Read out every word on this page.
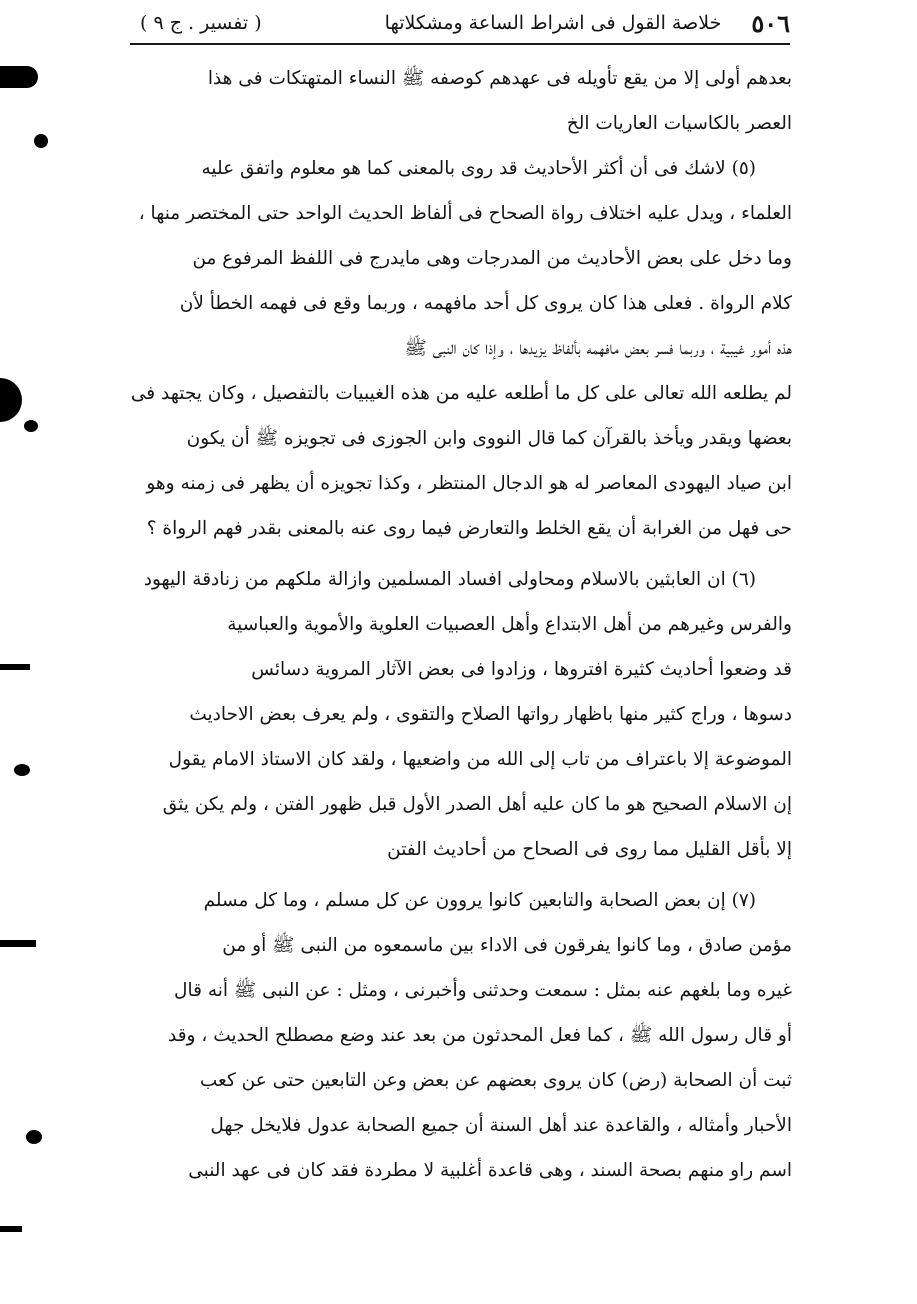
٥٠٦
خلاصة القول فى اشراط الساعة ومشكلاتها
( تفسير . ج ٩ )
بعدهم أولى إلا من يقع تأويله فى عهدهم كوصفه ﷺ النساء المتهتكات فى هذا
العصر بالكاسيات العاريات الخ
(٥) لاشك فى أن أكثر الأحاديث قد روى بالمعنى كما هو معلوم واتفق عليه
العلماء ، ويدل عليه اختلاف رواة الصحاح فى ألفاظ الحديث الواحد حتى المختصر منها ،
وما دخل على بعض الأحاديث من المدرجات وهى مايدرج فى اللفظ المرفوع من
كلام الرواة . فعلى هذا كان يروى كل أحد مافهمه ، وربما وقع فى فهمه الخطأ لأن
هذه أمور غيبية ، وربما فسر بعض مافهمه بألفاظ يزيدها ، وإذا كان النبى ﷺ
لم يطلعه الله تعالى على كل ما أطلعه عليه من هذه الغيبيات بالتفصيل ، وكان يجتهد فى
بعضها ويقدر ويأخذ بالقرآن كما قال النووى وابن الجوزى فى تجويزه ﷺ أن يكون
ابن صياد اليهودى المعاصر له هو الدجال المنتظر ، وكذا تجويزه أن يظهر فى زمنه وهو
حى فهل من الغرابة أن يقع الخلط والتعارض فيما روى عنه بالمعنى بقدر فهم الرواة ؟
(٦) ان العابثين بالاسلام ومحاولى افساد المسلمين وازالة ملكهم من زنادقة اليهود
والفرس وغيرهم من أهل الابتداع وأهل العصبيات العلوية والأموية والعباسية
قد وضعوا أحاديث كثيرة افتروها ، وزادوا فى بعض الآثار المروية دسائس
دسوها ، وراج كثير منها باظهار رواتها الصلاح والتقوى ، ولم يعرف بعض الاحاديث
الموضوعة إلا باعتراف من تاب إلى الله من واضعيها ، ولقد كان الاستاذ الامام يقول
إن الاسلام الصحيح هو ما كان عليه أهل الصدر الأول قبل ظهور الفتن ، ولم يكن يثق
إلا بأقل القليل مما روى فى الصحاح من أحاديث الفتن
(٧) إن بعض الصحابة والتابعين كانوا يروون عن كل مسلم ، وما كل مسلم
مؤمن صادق ، وما كانوا يفرقون فى الاداء بين ماسمعوه من النبى ﷺ أو من
غيره وما بلغهم عنه بمثل : سمعت وحدثنى وأخبرنى ، ومثل : عن النبى ﷺ أنه قال
أو قال رسول الله ﷺ ، كما فعل المحدثون من بعد عند وضع مصطلح الحديث ، وقد
ثبت أن الصحابة (رض) كان يروى بعضهم عن بعض وعن التابعين حتى عن كعب
الأحبار وأمثاله ، والقاعدة عند أهل السنة أن جميع الصحابة عدول فلايخل جهل
اسم راو منهم بصحة السند ، وهى قاعدة أغلبية لا مطردة فقد كان فى عهد النبى
